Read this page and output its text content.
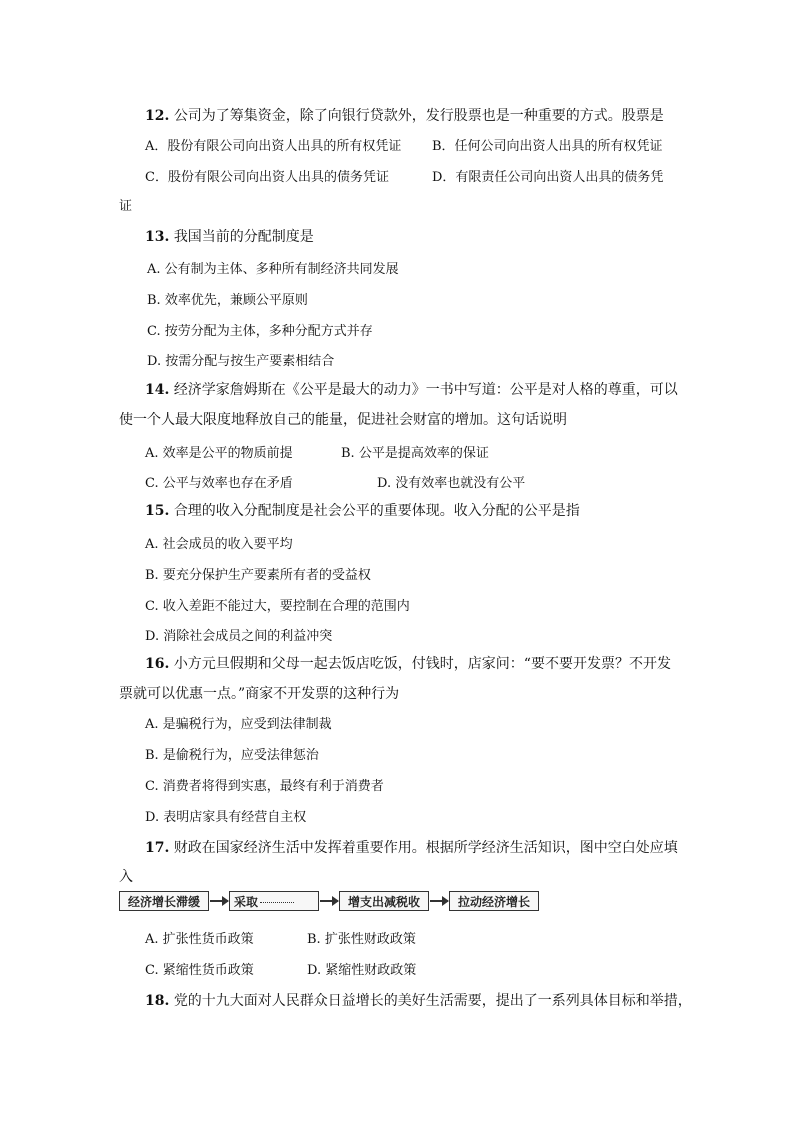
12. 公司为了筹集资金，除了向银行贷款外，发行股票也是一种重要的方式。股票是
A．股份有限公司向出资人出具的所有权凭证 B．任何公司向出资人出具的所有权凭证
C．股份有限公司向出资人出具的债务凭证	D．有限责任公司向出资人出具的债务凭
证
13. 我国当前的分配制度是
A. 公有制为主体、多种所有制经济共同发展
B. 效率优先，兼顾公平原则
C. 按劳分配为主体，多种分配方式并存
D. 按需分配与按生产要素相结合
14. 经济学家詹姆斯在《公平是最大的动力》一书中写道：公平是对人格的尊重，可以
使一个人最大限度地释放自己的能量，促进社会财富的增加。这句话说明
A. 效率是公平的物质前提	B. 公平是提高效率的保证
C. 公平与效率也存在矛盾	D. 没有效率也就没有公平
15. 合理的收入分配制度是社会公平的重要体现。收入分配的公平是指
A. 社会成员的收入要平均
B. 要充分保护生产要素所有者的受益权
C. 收入差距不能过大，要控制在合理的范围内
D. 消除社会成员之间的利益冲突
16. 小方元旦假期和父母一起去饭店吃饭，付钱时，店家问：“要不要开发票？不开发
票就可以优惠一点。”商家不开发票的这种行为
A. 是骗税行为，应受到法律制裁
B. 是偷税行为，应受法律惩治
C. 消费者将得到实惠，最终有利于消费者
D. 表明店家具有经营自主权
17. 财政在国家经济生活中发挥着重要作用。根据所学经济生活知识，图中空白处应填
入
经济增长滞缓	采取	增支出减税收	拉动经济增长
A. 扩张性货币政策	B. 扩张性财政政策
C. 紧缩性货币政策	D. 紧缩性财政政策
18. 党的十九大面对人民群众日益增长的美好生活需要，提出了一系列具体目标和举措，
